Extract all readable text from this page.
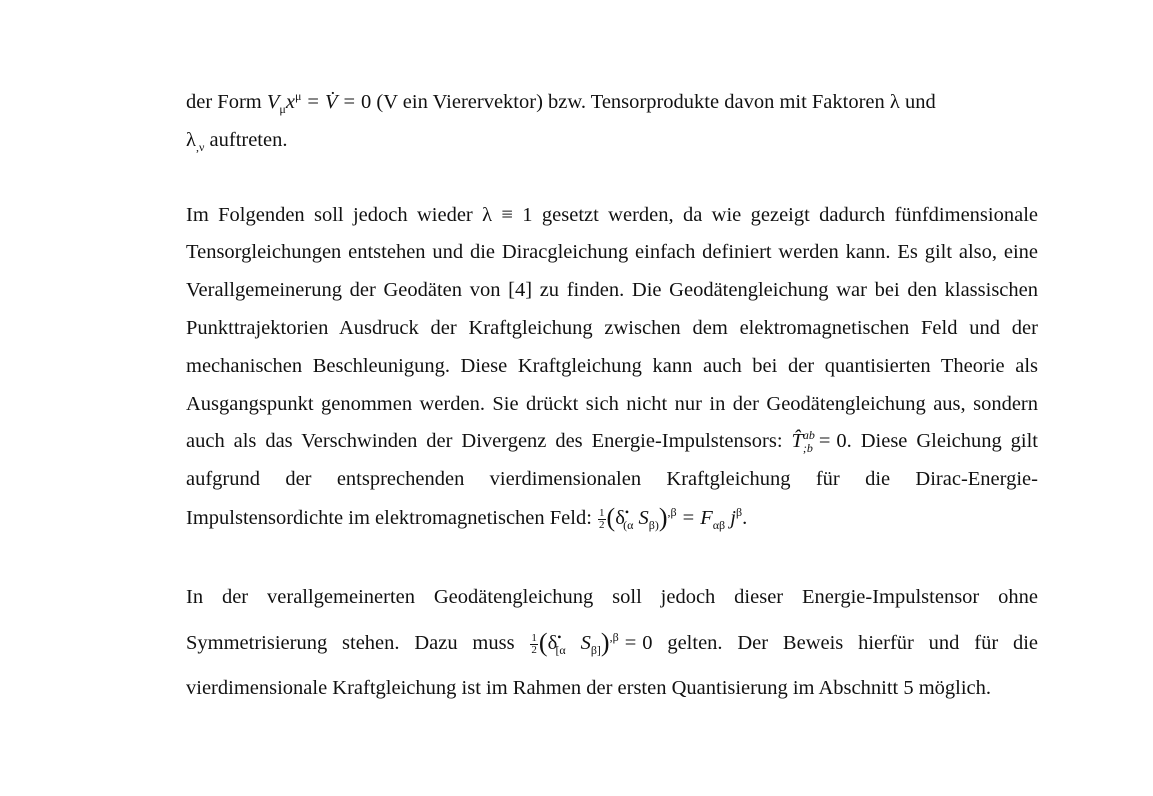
der Form $V_\mu x^\mu$ = V̇ = 0 (V ein Vierervektor) bzw. Tensorprodukte davon mit Faktoren λ und
$\lambda_{,\nu}$ auftreten.

Im Folgenden soll jedoch wieder λ ≡ 1 gesetzt werden, da wie gezeigt dadurch fünfdimensionale Tensorgleichungen entstehen und die Diracgleichung einfach definiert werden kann. Es gilt also, eine Verallgemeinerung der Geodäten von [4] zu finden. Die Geodätengleichung war bei den klassischen Punkttrajektorien Ausdruck der Kraftgleichung zwischen dem elektromagnetischen Feld und der mechanischen Beschleunigung. Diese Kraftgleichung kann auch bei der quantisierten Theorie als Ausgangspunkt genommen werden. Sie drückt sich nicht nur in der Geodätengleichung aus, sondern auch als das Verschwinden der Divergenz des Energie-Impulstensors: T̂$^{ab}_{;b}$ = 0. Diese Gleichung gilt aufgrund der entsprechenden vierdimensionalen Kraftgleichung für die Dirac-Energie-Impulstensordichte im elektromagnetischen Feld: $\frac{1}{2} (\delta^•_{(\alpha}$ $S_{\beta)})^{,\beta} = F_{\alpha\beta}$ $j^\beta$.

In der verallgemeinerten Geodätengleichung soll jedoch dieser Energie-Impulstensor ohne Symmetrisierung stehen. Dazu muss $\frac{1}{2} (\delta^•_{[\alpha}$ $S_{\beta]})^{,\beta} = 0$ gelten. Der Beweis hierfür und für die vierdimensionale Kraftgleichung ist im Rahmen der ersten Quantisierung im Abschnitt 5 möglich.
